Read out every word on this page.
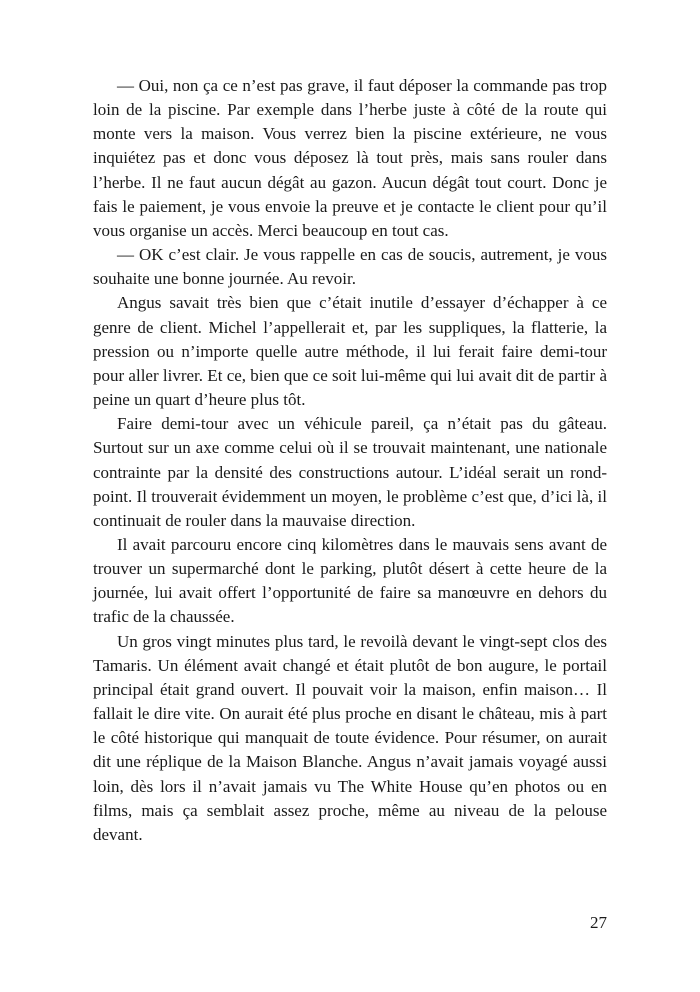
— Oui, non ça ce n’est pas grave, il faut déposer la commande pas trop loin de la piscine. Par exemple dans l’herbe juste à côté de la route qui monte vers la maison. Vous verrez bien la piscine extérieure, ne vous inquiétez pas et donc vous déposez là tout près, mais sans rouler dans l’herbe. Il ne faut aucun dégât au gazon. Aucun dégât tout court. Donc je fais le paiement, je vous envoie la preuve et je contacte le client pour qu’il vous organise un accès. Merci beaucoup en tout cas.

— OK c’est clair. Je vous rappelle en cas de soucis, autrement, je vous souhaite une bonne journée. Au revoir.

Angus savait très bien que c’était inutile d’essayer d’échapper à ce genre de client. Michel l’appellerait et, par les suppliques, la flatterie, la pression ou n’importe quelle autre méthode, il lui ferait faire demi-tour pour aller livrer. Et ce, bien que ce soit lui-même qui lui avait dit de partir à peine un quart d’heure plus tôt.

Faire demi-tour avec un véhicule pareil, ça n’était pas du gâteau. Surtout sur un axe comme celui où il se trouvait maintenant, une nationale contrainte par la densité des constructions autour. L’idéal serait un rond-point. Il trouverait évidemment un moyen, le problème c’est que, d’ici là, il continuait de rouler dans la mauvaise direction.

Il avait parcouru encore cinq kilomètres dans le mauvais sens avant de trouver un supermarché dont le parking, plutôt désert à cette heure de la journée, lui avait offert l’opportunité de faire sa manœuvre en dehors du trafic de la chaussée.

Un gros vingt minutes plus tard, le revoilà devant le vingt-sept clos des Tamaris. Un élément avait changé et était plutôt de bon augure, le portail principal était grand ouvert. Il pouvait voir la maison, enfin maison… Il fallait le dire vite. On aurait été plus proche en disant le château, mis à part le côté historique qui manquait de toute évidence. Pour résumer, on aurait dit une réplique de la Maison Blanche. Angus n’avait jamais voyagé aussi loin, dès lors il n’avait jamais vu The White House qu’en photos ou en films, mais ça semblait assez proche, même au niveau de la pelouse devant.

27
